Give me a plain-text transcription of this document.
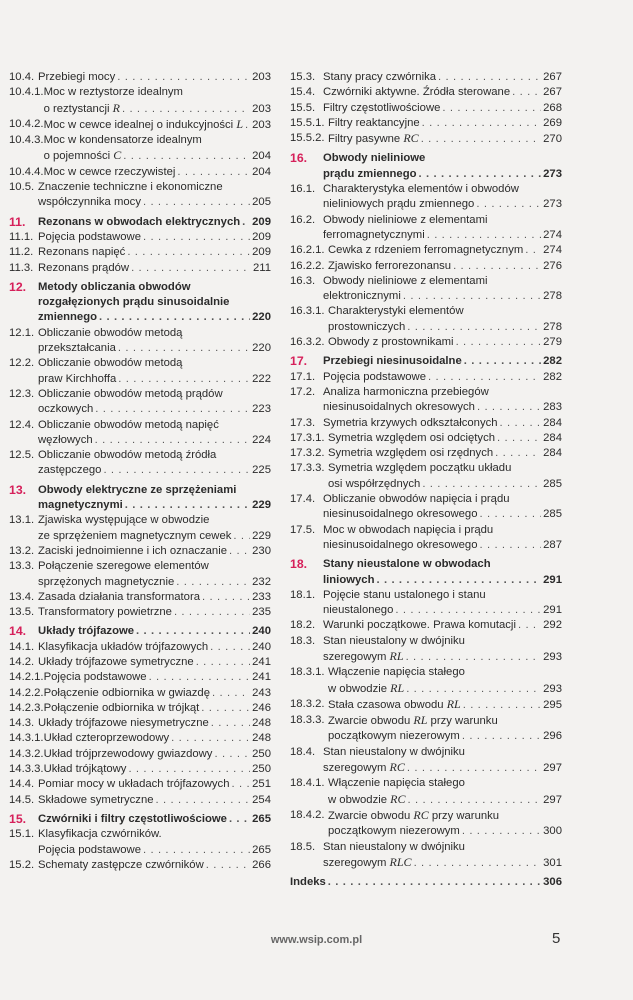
10.4. Przebiegi mocy . . .	203
10.4.1. Moc w reztystorze idealnym
o reztystancji R . . .	203
10.4.2. Moc w cewce idealnej o indukcyjności L . . . 203
10.4.3. Moc w kondensatorze idealnym
o pojemności C . . .	204
10.4.4. Moc w cewce rzeczywistej . . .	204
10.5. Znaczenie techniczne i ekonomiczne
współczynnika mocy . . .	205
11.	Rezonans w obwodach elektrycznych . . . 209
11.1. Pojęcia podstawowe . . .	209
11.2. Rezonans napięć . . .	209
11.3. Rezonans prądów . . .	211
12.	Metody obliczania obwodów
rozgałęzionych prądu sinusoidalnie
zmiennego . . .	220
12.1. Obliczanie obwodów metodą
przekształcania . . .	220
12.2. Obliczanie obwodów metodą
praw Kirchhoffa . . .	222
12.3. Obliczanie obwodów metodą prądów
oczkowych . . .	223
12.4. Obliczanie obwodów metodą napięć
węzłowych . . .	224
12.5. Obliczanie obwodów metodą źródła
zastępczego . . .	225
13.	Obwody elektryczne ze sprzężeniami
magnetycznymi . . .	229
13.1. Zjawiska występujące w obwodzie
ze sprzężeniem magnetycznym cewek . . . 229
13.2. Zaciski jednoimienne i ich oznaczanie . . . 230
13.3. Połączenie szeregowe elementów
sprzężonych magnetycznie . . .	232
13.4. Zasada działania transformatora . . .	233
13.5. Transformatory powietrzne . . .	235
14.	Układy trójfazowe . . .	240
14.1. Klasyfikacja układów trójfazowych . . .	240
14.2. Układy trójfazowe symetryczne . . .	241
14.2.1. Pojęcia podstawowe . . .	241
14.2.2. Połączenie odbiornika w gwiazdę . . .	243
14.2.3. Połączenie odbiornika w trójkąt . . .	246
14.3. Układy trójfazowe niesymetryczne . . .	248
14.3.1. Układ czteroprzewodowy . . .	248
14.3.2. Układ trójprzewodowy gwiazdowy . . .	250
14.3.3. Układ trójkątowy . . .	250
14.4. Pomiar mocy w układach trójfazowych . . . 251
14.5. Składowe symetryczne . . .	254
15.	Czwórniki i filtry częstotliwościowe . . . 265
15.1. Klasyfikacja czwórników.
Pojęcia podstawowe . . .	265
15.2. Schematy zastępcze czwórników . . .	266
15.3. Stany pracy czwórnika . . .	267
15.4. Czwórniki aktywne. Źródła sterowane . . .	267
15.5. Filtry częstotliwościowe . . .	268
15.5.1. Filtry reaktancyjne . . .	269
15.5.2. Filtry pasywne RC . . .	270
16.	Obwody nieliniowe
prądu zmiennego . . .	273
16.1. Charakterystyka elementów i obwodów
nieliniowych prądu zmiennego . . .	273
16.2. Obwody nieliniowe z elementami
ferromagnetycznymi . . .	274
16.2.1. Cewka z rdzeniem ferromagnetycznym . . . 274
16.2.2. Zjawisko ferrorezonansu . . .	276
16.3. Obwody nieliniowe z elementami
elektronicznymi . . .	278
16.3.1. Charakterystyki elementów
prostowniczych . . .	278
16.3.2. Obwody z prostownikami . . .	279
17.	Przebiegi niesinusoidalne . . .	282
17.1. Pojęcia podstawowe . . .	282
17.2. Analiza harmoniczna przebiegów
niesinusoidalnych okresowych . . .	283
17.3. Symetria krzywych odkształconych . . .	284
17.3.1. Symetria względem osi odciętych . . .	284
17.3.2. Symetria względem osi rzędnych . . .	284
17.3.3. Symetria względem początku układu
osi współrzędnych . . .	285
17.4. Obliczanie obwodów napięcia i prądu
niesinusoidalnego okresowego . . .	285
17.5. Moc w obwodach napięcia i prądu
niesinusoidalnego okresowego . . .	287
18.	Stany nieustalone w obwodach
liniowych . . .	291
18.1. Pojęcie stanu ustalonego i stanu
nieustalonego . . .	291
18.2. Warunki początkowe. Prawa komutacji . . . 292
18.3. Stan nieustalony w dwójniku
szeregowym RL . . .	293
18.3.1. Włączenie napięcia stałego
w obwodzie RL . . .	293
18.3.2. Stała czasowa obwodu RL . . .	295
18.3.3. Zwarcie obwodu RL przy warunku
początkowym niezerowym . . .	296
18.4. Stan nieustalony w dwójniku
szeregowym RC . . .	297
18.4.1. Włączenie napięcia stałego
w obwodzie RC . . .	297
18.4.2. Zwarcie obwodu RC przy warunku
początkowym niezerowym . . .	300
18.5. Stan nieustalony w dwójniku
szeregowym RLC . . .	301
Indeks . . .	306
www.wsip.com.pl	5
